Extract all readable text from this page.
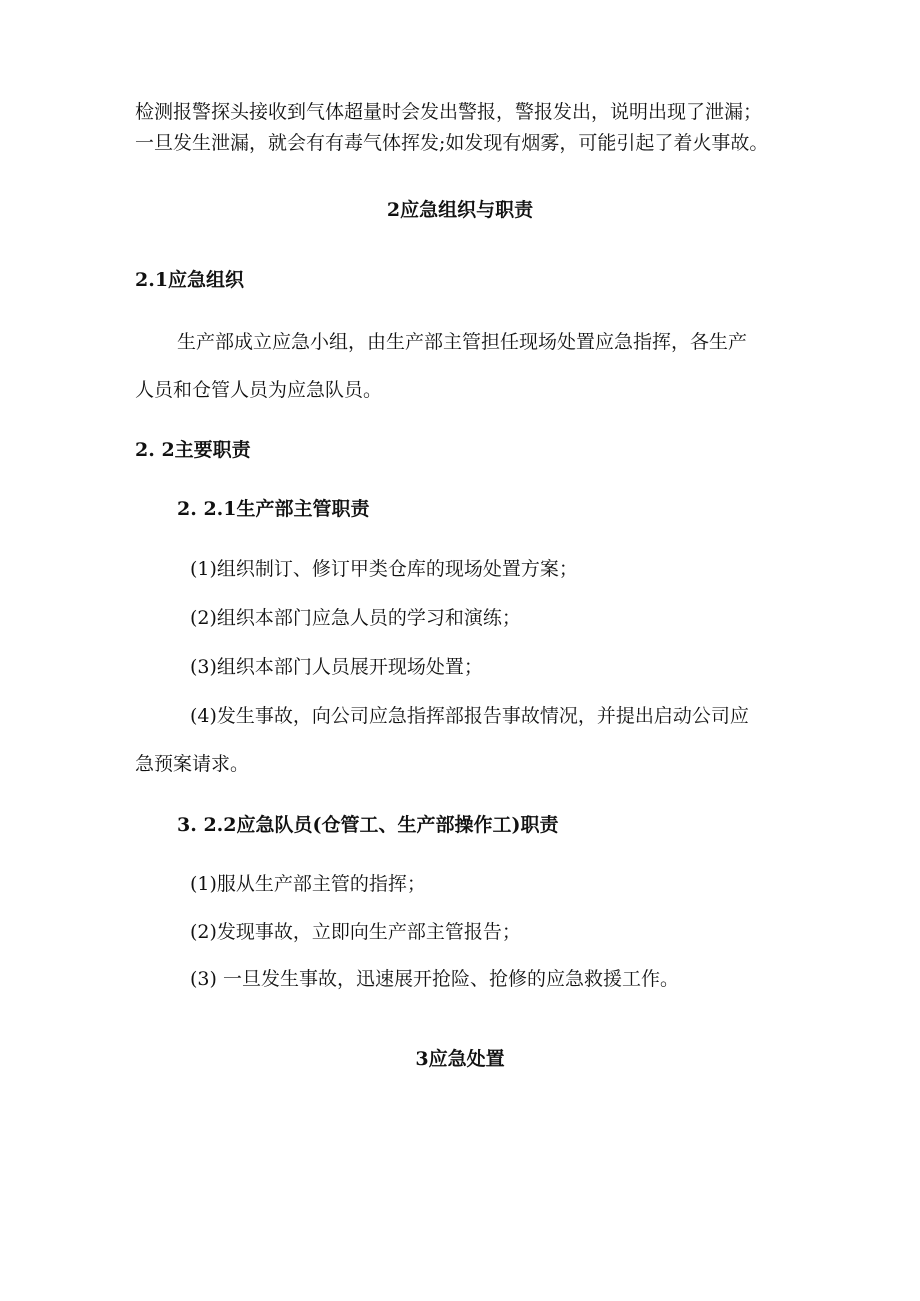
检测报警探头接收到气体超量时会发出警报，警报发出，说明出现了泄漏；

一旦发生泄漏，就会有有毒气体挥发;如发现有烟雾，可能引起了着火事故。

2应急组织与职责

2.1应急组织

生产部成立应急小组，由生产部主管担任现场处置应急指挥，各生产

人员和仓管人员为应急队员。

2. 2主要职责

2. 2.1生产部主管职责

(1)组织制订、修订甲类仓库的现场处置方案；

(2)组织本部门应急人员的学习和演练；

(3)组织本部门人员展开现场处置；

(4)发生事故，向公司应急指挥部报告事故情况，并提出启动公司应

急预案请求。

3. 2.2应急队员(仓管工、生产部操作工)职责

(1)服从生产部主管的指挥；

(2)发现事故，立即向生产部主管报告；

(3) 一旦发生事故，迅速展开抢险、抢修的应急救援工作。

3应急处置
